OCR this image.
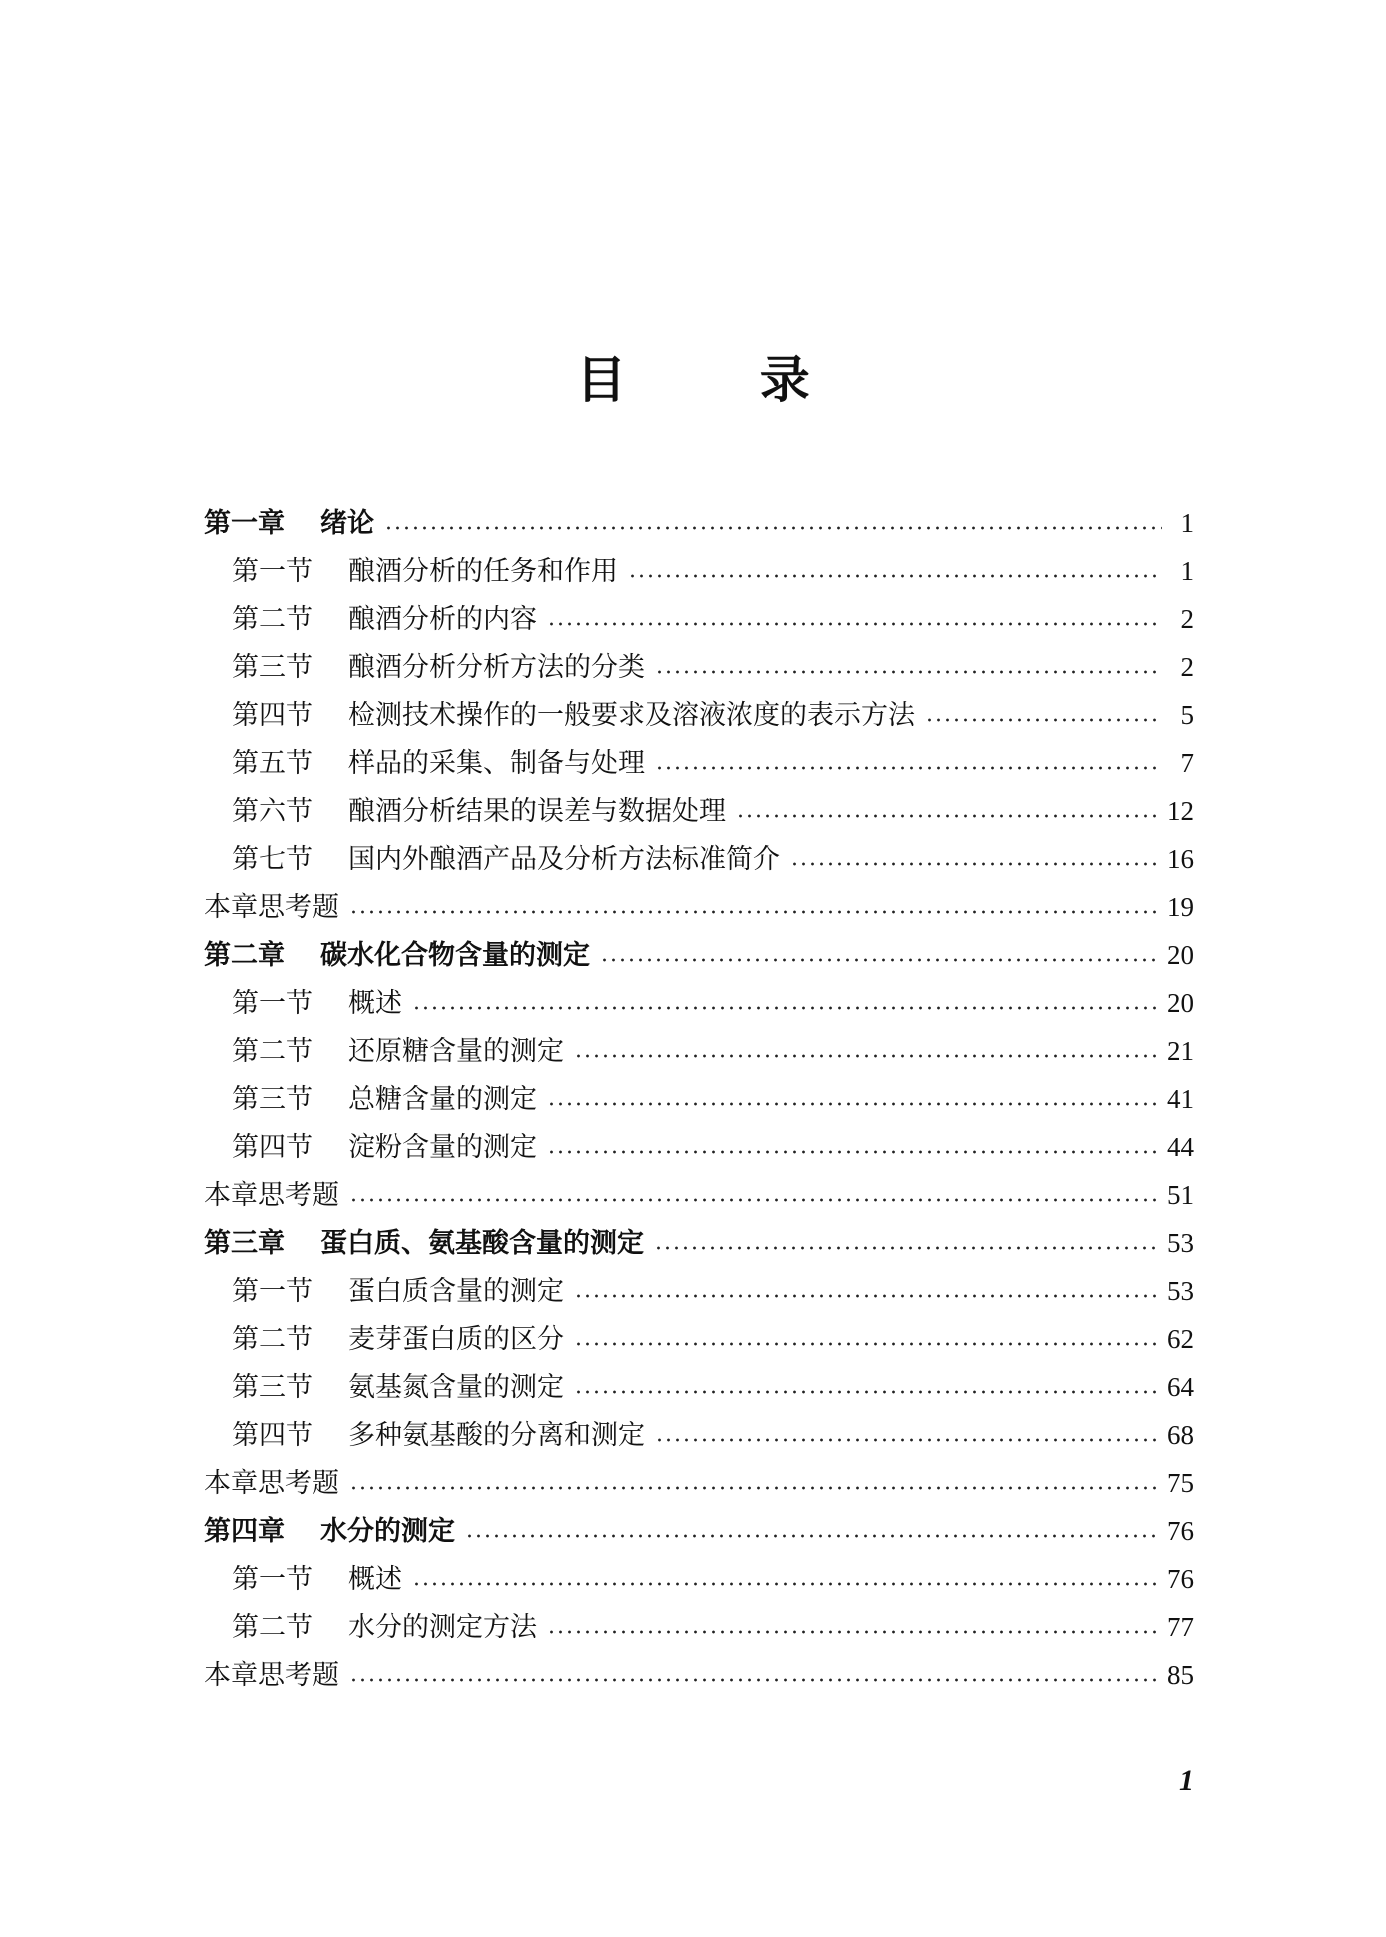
目 录
第一章	绪论	1
第一节	酿酒分析的任务和作用	1
第二节	酿酒分析的内容	2
第三节	酿酒分析分析方法的分类	2
第四节	检测技术操作的一般要求及溶液浓度的表示方法	5
第五节	样品的采集、制备与处理	7
第六节	酿酒分析结果的误差与数据处理	12
第七节	国内外酿酒产品及分析方法标准简介	16
本章思考题	19
第二章	碳水化合物含量的测定	20
第一节	概述	20
第二节	还原糖含量的测定	21
第三节	总糖含量的测定	41
第四节	淀粉含量的测定	44
本章思考题	51
第三章	蛋白质、氨基酸含量的测定	53
第一节	蛋白质含量的测定	53
第二节	麦芽蛋白质的区分	62
第三节	氨基氮含量的测定	64
第四节	多种氨基酸的分离和测定	68
本章思考题	75
第四章	水分的测定	76
第一节	概述	76
第二节	水分的测定方法	77
本章思考题	85
1
